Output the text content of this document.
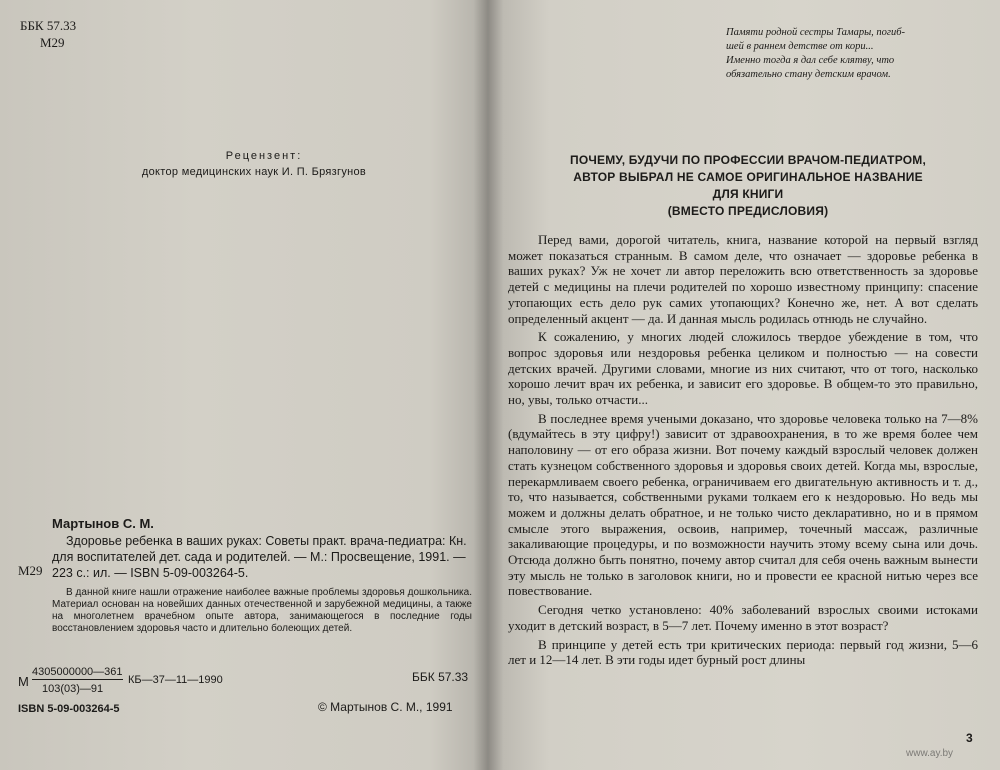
ББК 57.33
М29
Рецензент:
доктор медицинских наук И. П. Брязгунов
Мартынов С. М.
М29
Здоровье ребенка в ваших руках: Советы практ. врача-педиатра: Кн. для воспитателей дет. сада и родителей. — М.: Просвещение, 1991. — 223 с.: ил. — ISBN 5-09-003264-5.
В данной книге нашли отражение наиболее важные проблемы здоровья дошкольника. Материал основан на новейших данных отечественной и зарубежной медицины, а также на многолетнем врачебном опыте автора, занимающегося в последние годы восстановлением здоровья часто и длительно болеющих детей.
М
4305000000—361
103(03)—91
КБ—37—11—1990	ББК 57.33
ISBN 5-09-003264-5	© Мартынов С. М., 1991
Памяти родной сестры Тамары, погиб-
шей в раннем детстве от кори...
Именно тогда я дал себе клятву, что
обязательно стану детским врачом.
ПОЧЕМУ, БУДУЧИ ПО ПРОФЕССИИ ВРАЧОМ-ПЕДИАТРОМ,
АВТОР ВЫБРАЛ НЕ САМОЕ ОРИГИНАЛЬНОЕ НАЗВАНИЕ
ДЛЯ КНИГИ
(ВМЕСТО ПРЕДИСЛОВИЯ)

Перед вами, дорогой читатель, книга, название которой на первый взгляд может показаться странным. В самом деле, что означает — здоровье ребенка в ваших руках? Уж не хочет ли автор переложить всю ответственность за здоровье детей с медицины на плечи родителей по хорошо известному принципу: спасение утопающих есть дело рук самих утопающих? Конечно же, нет. А вот сделать определенный акцент — да. И данная мысль родилась отнюдь не случайно.

К сожалению, у многих людей сложилось твердое убеждение в том, что вопрос здоровья или нездоровья ребенка целиком и полностью — на совести детских врачей. Другими словами, многие из них считают, что от того, насколько хорошо лечит врач их ребенка, и зависит его здоровье. В общем-то это правильно, но, увы, только отчасти...

В последнее время учеными доказано, что здоровье человека только на 7—8% (вдумайтесь в эту цифру!) зависит от здравоохранения, в то же время более чем наполовину — от его образа жизни. Вот почему каждый взрослый человек должен стать кузнецом собственного здоровья и здоровья своих детей. Когда мы, взрослые, перекармливаем своего ребенка, ограничиваем его двигательную активность и т. д., то, что называется, собственными руками толкаем его к нездоровью. Но ведь мы можем и должны делать обратное, и не только чисто декларативно, но и в прямом смысле этого выражения, освоив, например, точечный массаж, различные закаливающие процедуры, и по возможности научить этому всему сына или дочь. Отсюда должно быть понятно, почему автор считал для себя очень важным вынести эту мысль не только в заголовок книги, но и провести ее красной нитью через все повествование.

Сегодня четко установлено: 40% заболеваний взрослых своими истоками уходит в детский возраст, в 5—7 лет. Почему именно в этот возраст?

В принципе у детей есть три критических периода: первый год жизни, 5—6 лет и 12—14 лет. В эти годы идет бурный рост длины

3
www.ay.by
